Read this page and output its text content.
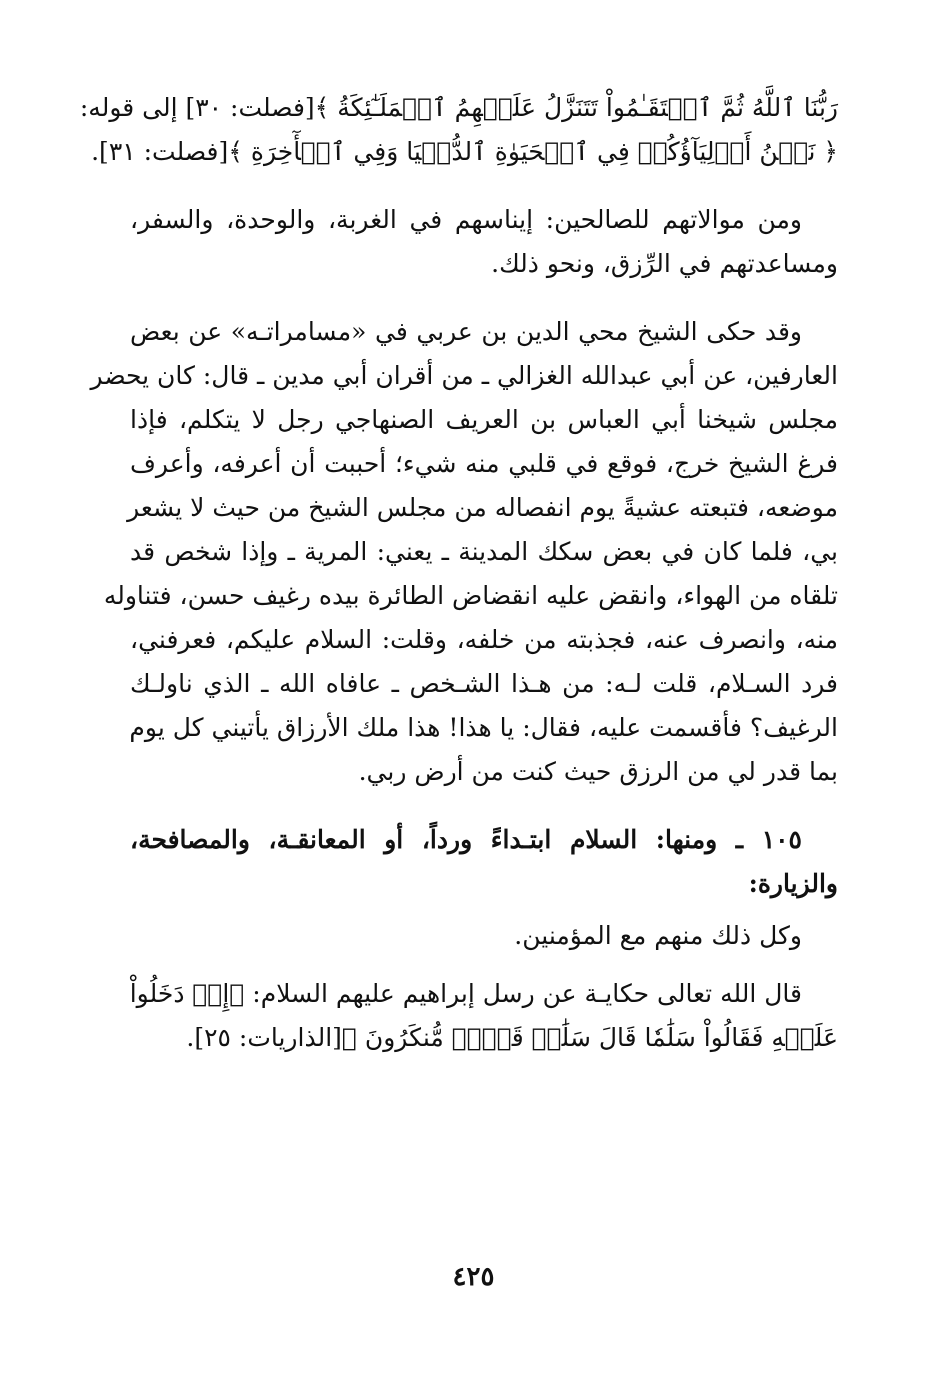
رَبُّنَا ٱللَّهُ ثُمَّ ٱسۡتَقَـٰمُواْ تَتَنَزَّلُ عَلَيۡهِمُ ٱلۡمَلَـٰٓئِكَةُ ﴾[فصلت: ٣٠] إلى قوله:
﴿ نَحۡنُ أَوۡلِيَآؤُكُمۡ فِي ٱلۡحَيَوٰةِ ٱلدُّنۡيَا وَفِي ٱلۡأٓخِرَةِ ﴾[فصلت: ٣١].
ومن موالاتهم للصالحين: إيناسهم في الغربة، والوحدة، والسفر،
ومساعدتهم في الرِّزق، ونحو ذلك.
وقد حكى الشيخ محي الدين بن عربي في «مسامراتـه» عن بعض
العارفين، عن أبي عبدالله الغزالي ـ من أقران أبي مدين ـ قال: كان يحضر
مجلس شيخنا أبي العباس بن العريف الصنهاجي رجل لا يتكلم، فإذا
فرغ الشيخ خرج، فوقع في قلبي منه شيء؛ أحببت أن أعرفه، وأعرف
موضعه، فتبعته عشيةً يوم انفصاله من مجلس الشيخ من حيث لا يشعر
بي، فلما كان في بعض سكك المدينة ـ يعني: المرية ـ وإذا شخص قد
تلقاه من الهواء، وانقض عليه انقضاض الطائرة بيده رغيف حسن، فتناوله
منه، وانصرف عنه، فجذبته من خلفه، وقلت: السلام عليكم، فعرفني،
فرد السـلام، قلت لـه: من هـذا الشـخص ـ عافاه الله ـ الذي ناولـك
الرغيف؟ فأقسمت عليه، فقال: يا هذا! هذا ملك الأرزاق يأتيني كل يوم
بما قدر لي من الرزق حيث كنت من أرض ربي.
١٠٥ ـ ومنها: السلام ابتـداءً ورداً، أو المعانقـة، والمصافحة،
والزيارة:
وكل ذلك منهم مع المؤمنين.
قال الله تعالى حكايـة عن رسل إبراهيم عليهم السلام: ﴿إِذۡ دَخَلُواْ
عَلَيۡهِ فَقَالُواْ سَلَٰمٗا قَالَ سَلَٰمٞ قَوۡمٞ مُّنكَرُونَ ﴾[الذاريات: ٢٥].
٤٢٥
